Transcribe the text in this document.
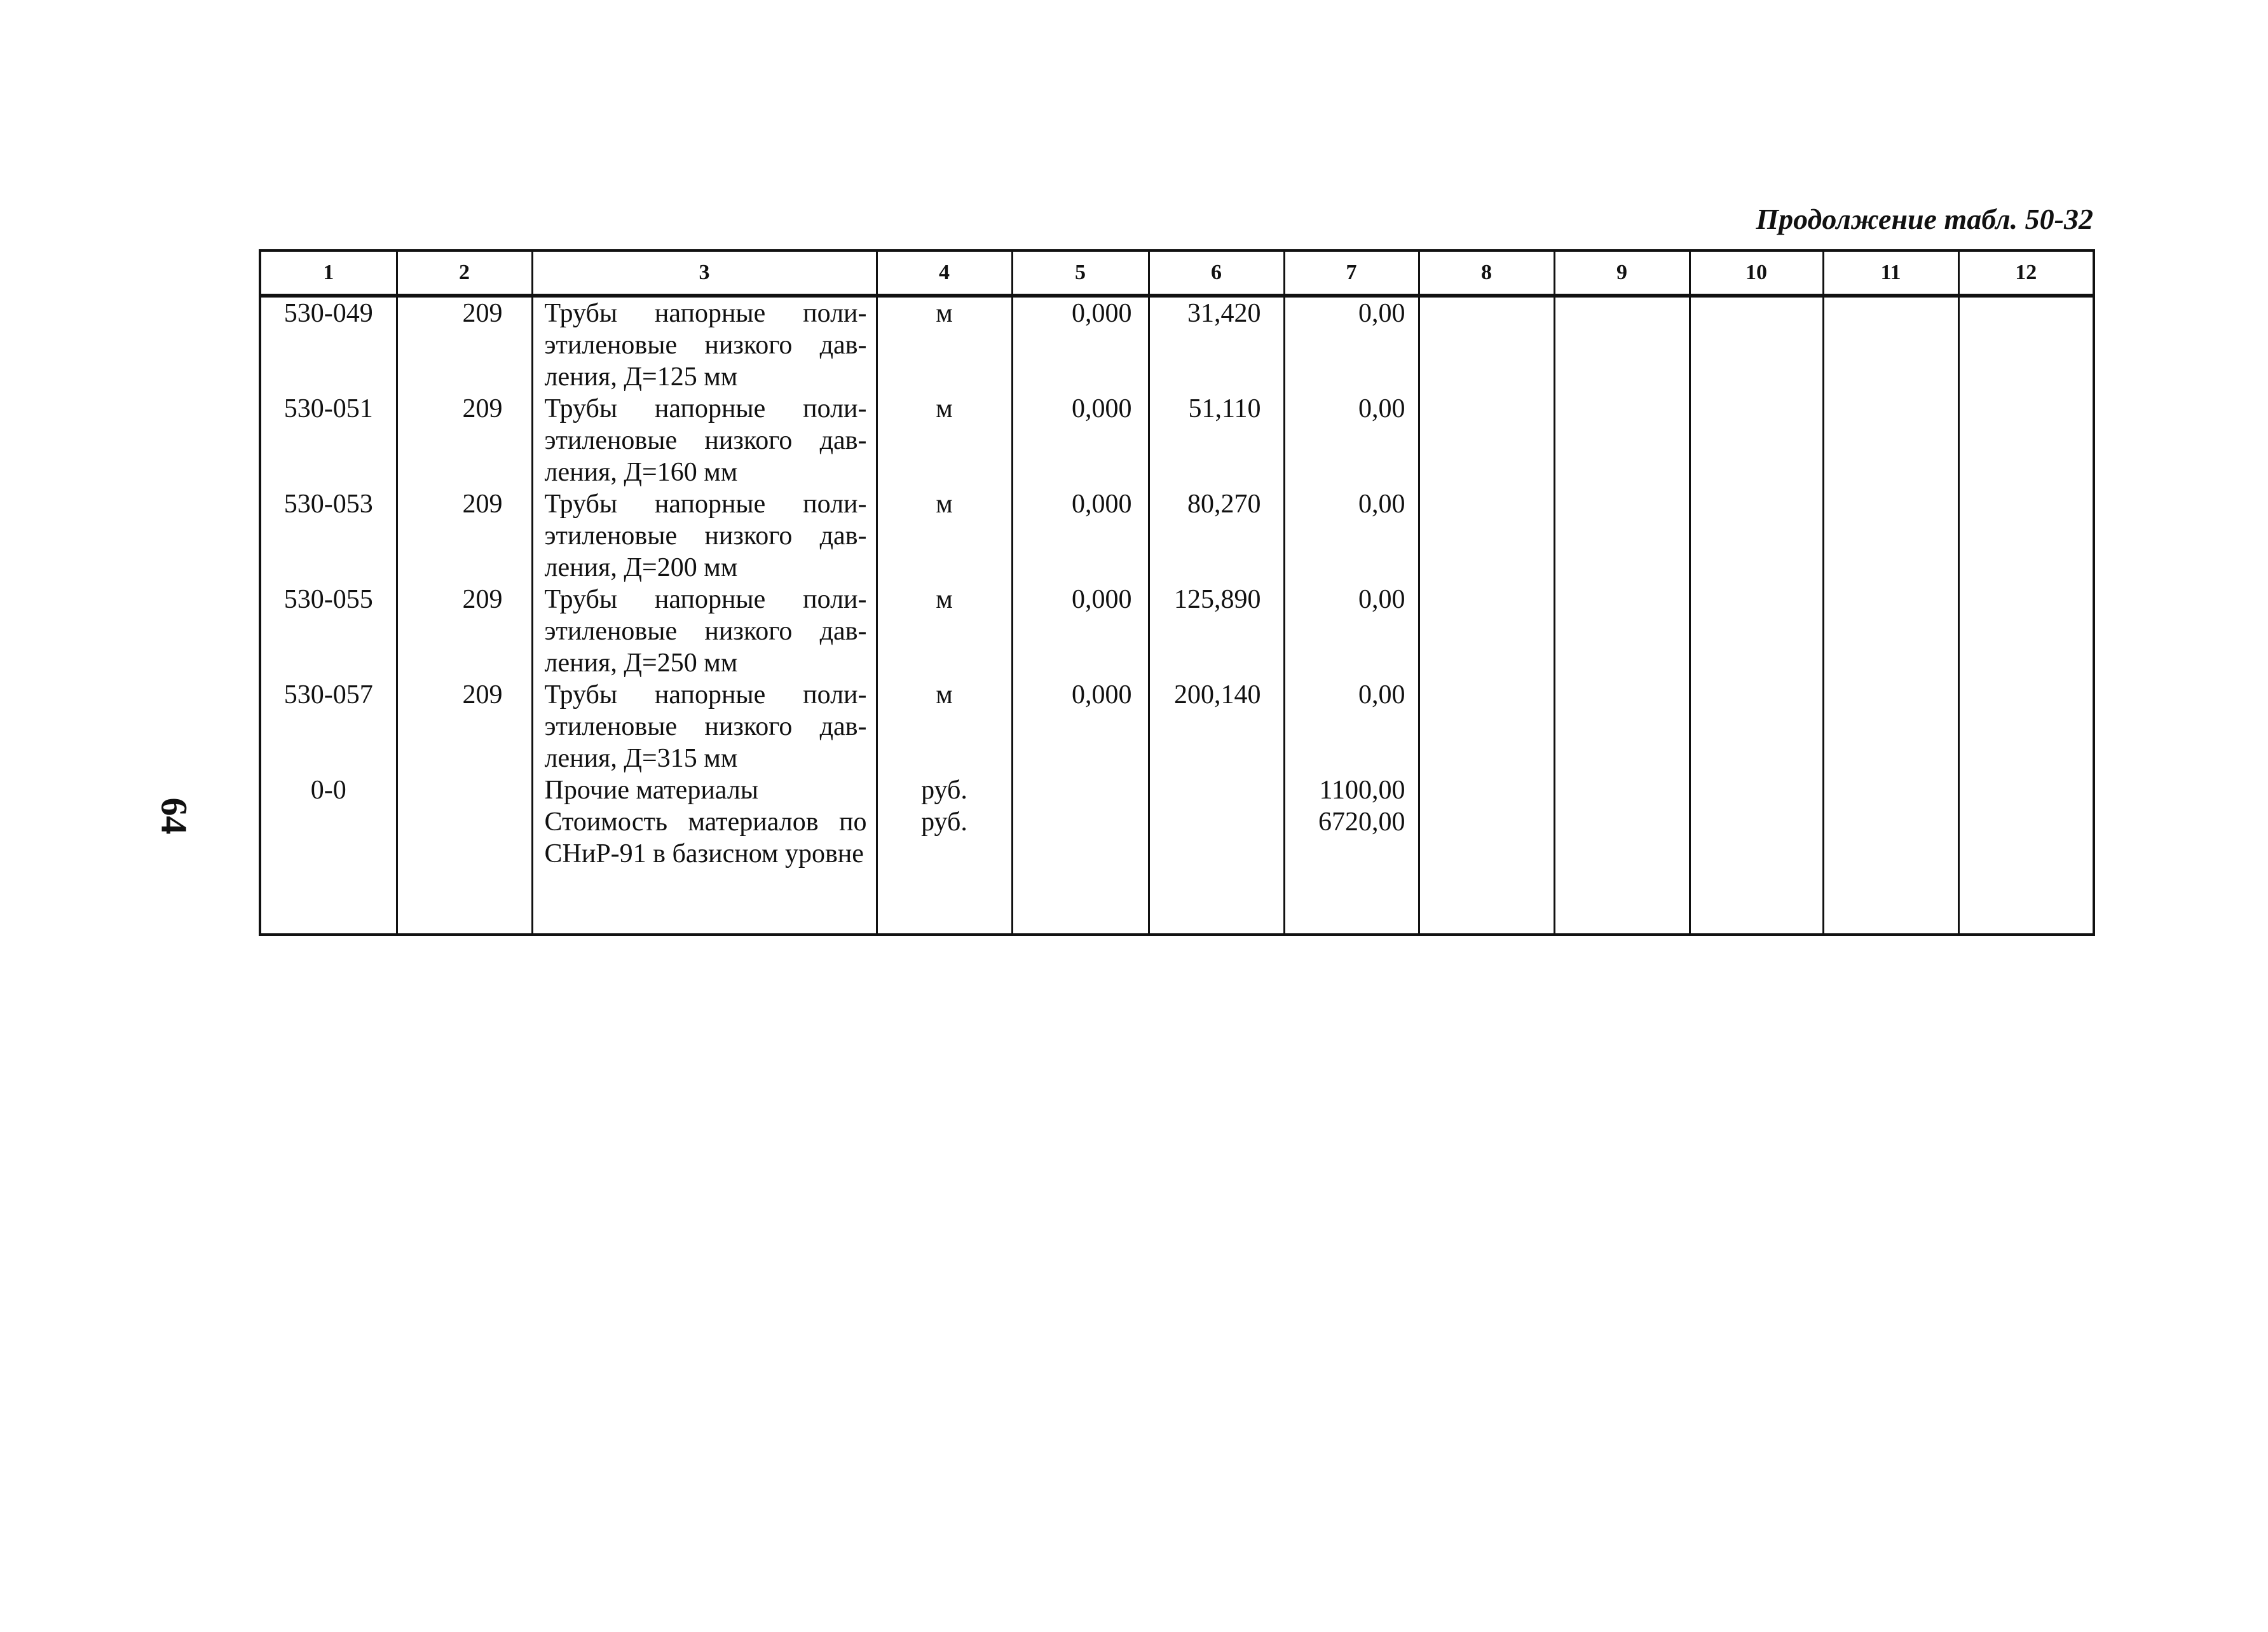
Продолжение табл. 50-32
64
1	2	3	4	5	6	7	8	9	10	11	12
530-049	209	Трубы напорные поли-этиленовые низкого дав-ления, Д=125 мм	м	0,000	31,420	0,00					
530-051	209	Трубы напорные поли-этиленовые низкого дав-ления, Д=160 мм	м	0,000	51,110	0,00					
530-053	209	Трубы напорные поли-этиленовые низкого дав-ления, Д=200 мм	м	0,000	80,270	0,00					
530-055	209	Трубы напорные поли-этиленовые низкого дав-ления, Д=250 мм	м	0,000	125,890	0,00					
530-057	209	Трубы напорные поли-этиленовые низкого дав-ления, Д=315 мм	м	0,000	200,140	0,00					
0-0		Прочие материалы	руб.			1100,00					
		Стоимость материалов по СНиР-91 в базисном уровне	руб.			6720,00					
